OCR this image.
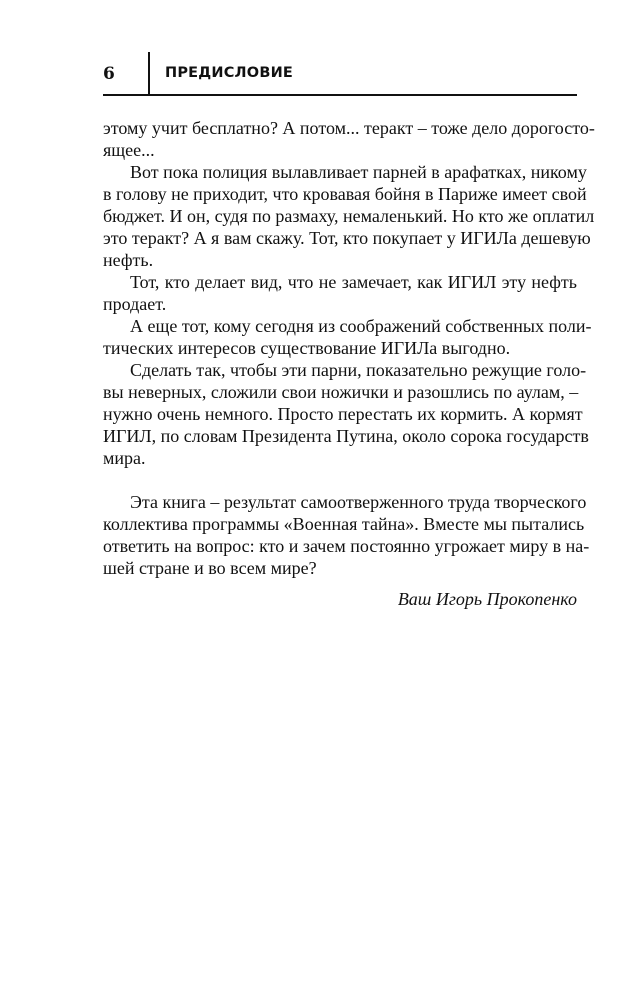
6	ПРЕДИСЛОВИЕ
этому учит бесплатно? А потом... теракт – тоже дело дорогосто-
ящее...
Вот пока полиция вылавливает парней в арафатках, никому
в голову не приходит, что кровавая бойня в Париже имеет свой
бюджет. И он, судя по размаху, немаленький. Но кто же оплатил
это теракт? А я вам скажу. Тот, кто покупает у ИГИЛа дешевую
нефть.
Тот, кто делает вид, что не замечает, как ИГИЛ эту нефть
продает.
А еще тот, кому сегодня из соображений собственных поли-
тических интересов существование ИГИЛа выгодно.
Сделать так, чтобы эти парни, показательно режущие голо-
вы неверных, сложили свои ножички и разошлись по аулам, –
нужно очень немного. Просто перестать их кормить. А кормят
ИГИЛ, по словам Президента Путина, около сорока государств
мира.
Эта книга – результат самоотверженного труда творческого
коллектива программы «Военная тайна». Вместе мы пытались
ответить на вопрос: кто и зачем постоянно угрожает миру в на-
шей стране и во всем мире?
Ваш Игорь Прокопенко
